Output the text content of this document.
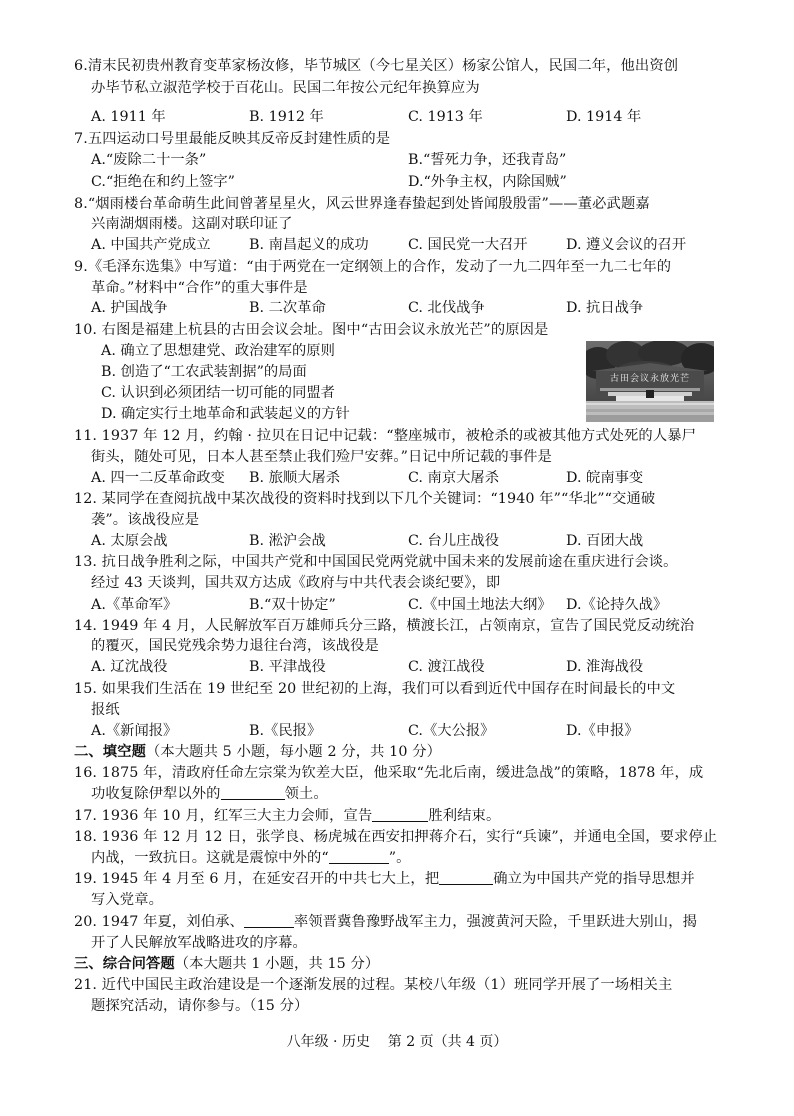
6.清末民初贵州教育变革家杨汝修，毕节城区（今七星关区）杨家公馆人，民国二年，他出资创
办毕节私立淑范学校于百花山。民国二年按公元纪年换算应为
A. 1911 年	B. 1912 年	C. 1913 年	D. 1914 年
7.五四运动口号里最能反映其反帝反封建性质的是
A.“废除二十一条”	B.“誓死力争，还我青岛”
C.“拒绝在和约上签字”	D.“外争主权，内除国贼”
8.“烟雨楼台革命萌生此间曾著星星火，风云世界逢春蛰起到处皆闻殷殷雷”——董必武题嘉
兴南湖烟雨楼。这副对联印证了
A. 中国共产党成立	B. 南昌起义的成功	C. 国民党一大召开	D. 遵义会议的召开
9.《毛泽东选集》中写道：“由于两党在一定纲领上的合作，发动了一九二四年至一九二七年的
革命。”材料中“合作”的重大事件是
A. 护国战争	B. 二次革命	C. 北伐战争	D. 抗日战争
10. 右图是福建上杭县的古田会议会址。图中“古田会议永放光芒”的原因是
A. 确立了思想建党、政治建军的原则
B. 创造了“工农武装割据”的局面
C. 认识到必须团结一切可能的同盟者
D. 确定实行土地革命和武装起义的方针
古田会议永放光芒
11. 1937 年 12 月，约翰 · 拉贝在日记中记载：“整座城市，被枪杀的或被其他方式处死的人暴尸
街头，随处可见，日本人甚至禁止我们殓尸安葬。”日记中所记载的事件是
A. 四一二反革命政变 B. 旅顺大屠杀	C. 南京大屠杀	D. 皖南事变
12. 某同学在查阅抗战中某次战役的资料时找到以下几个关键词：“1940 年”“华北”“交通破
袭”。该战役应是
A. 太原会战	B. 淞沪会战	C. 台儿庄战役	D. 百团大战
13. 抗日战争胜利之际，中国共产党和中国国民党两党就中国未来的发展前途在重庆进行会谈。
经过 43 天谈判，国共双方达成《政府与中共代表会谈纪要》，即
A.《革命军》	B.“双十协定”	C.《中国土地法大纲》 D.《论持久战》
14. 1949 年 4 月，人民解放军百万雄师兵分三路，横渡长江，占领南京，宣告了国民党反动统治
的覆灭，国民党残余势力退往台湾，该战役是
A. 辽沈战役	B. 平津战役	C. 渡江战役	D. 淮海战役
15. 如果我们生活在 19 世纪至 20 世纪初的上海，我们可以看到近代中国存在时间最长的中文
报纸
A.《新闻报》	B.《民报》	C.《大公报》	D.《申报》
二、填空题（本大题共 5 小题，每小题 2 分，共 10 分）
16. 1875 年，清政府任命左宗棠为钦差大臣，他采取“先北后南，缓进急战”的策略，1878 年，成
功收复除伊犁以外的	领土。
17. 1936 年 10 月，红军三大主力会师，宣告	胜利结束。
18. 1936 年 12 月 12 日，张学良、杨虎城在西安扣押蒋介石，实行“兵谏”，并通电全国，要求停止
内战，一致抗日。这就是震惊中外的“	”。
19. 1945 年 4 月至 6 月，在延安召开的中共七大上，把	确立为中国共产党的指导思想并
写入党章。
20. 1947 年夏，刘伯承、	率领晋冀鲁豫野战军主力，强渡黄河天险，千里跃进大别山，揭
开了人民解放军战略进攻的序幕。
三、综合问答题（本大题共 1 小题，共 15 分）
21. 近代中国民主政治建设是一个逐渐发展的过程。某校八年级（1）班同学开展了一场相关主
题探究活动，请你参与。（15 分）
八年级 · 历史    第 2 页（共 4 页）
